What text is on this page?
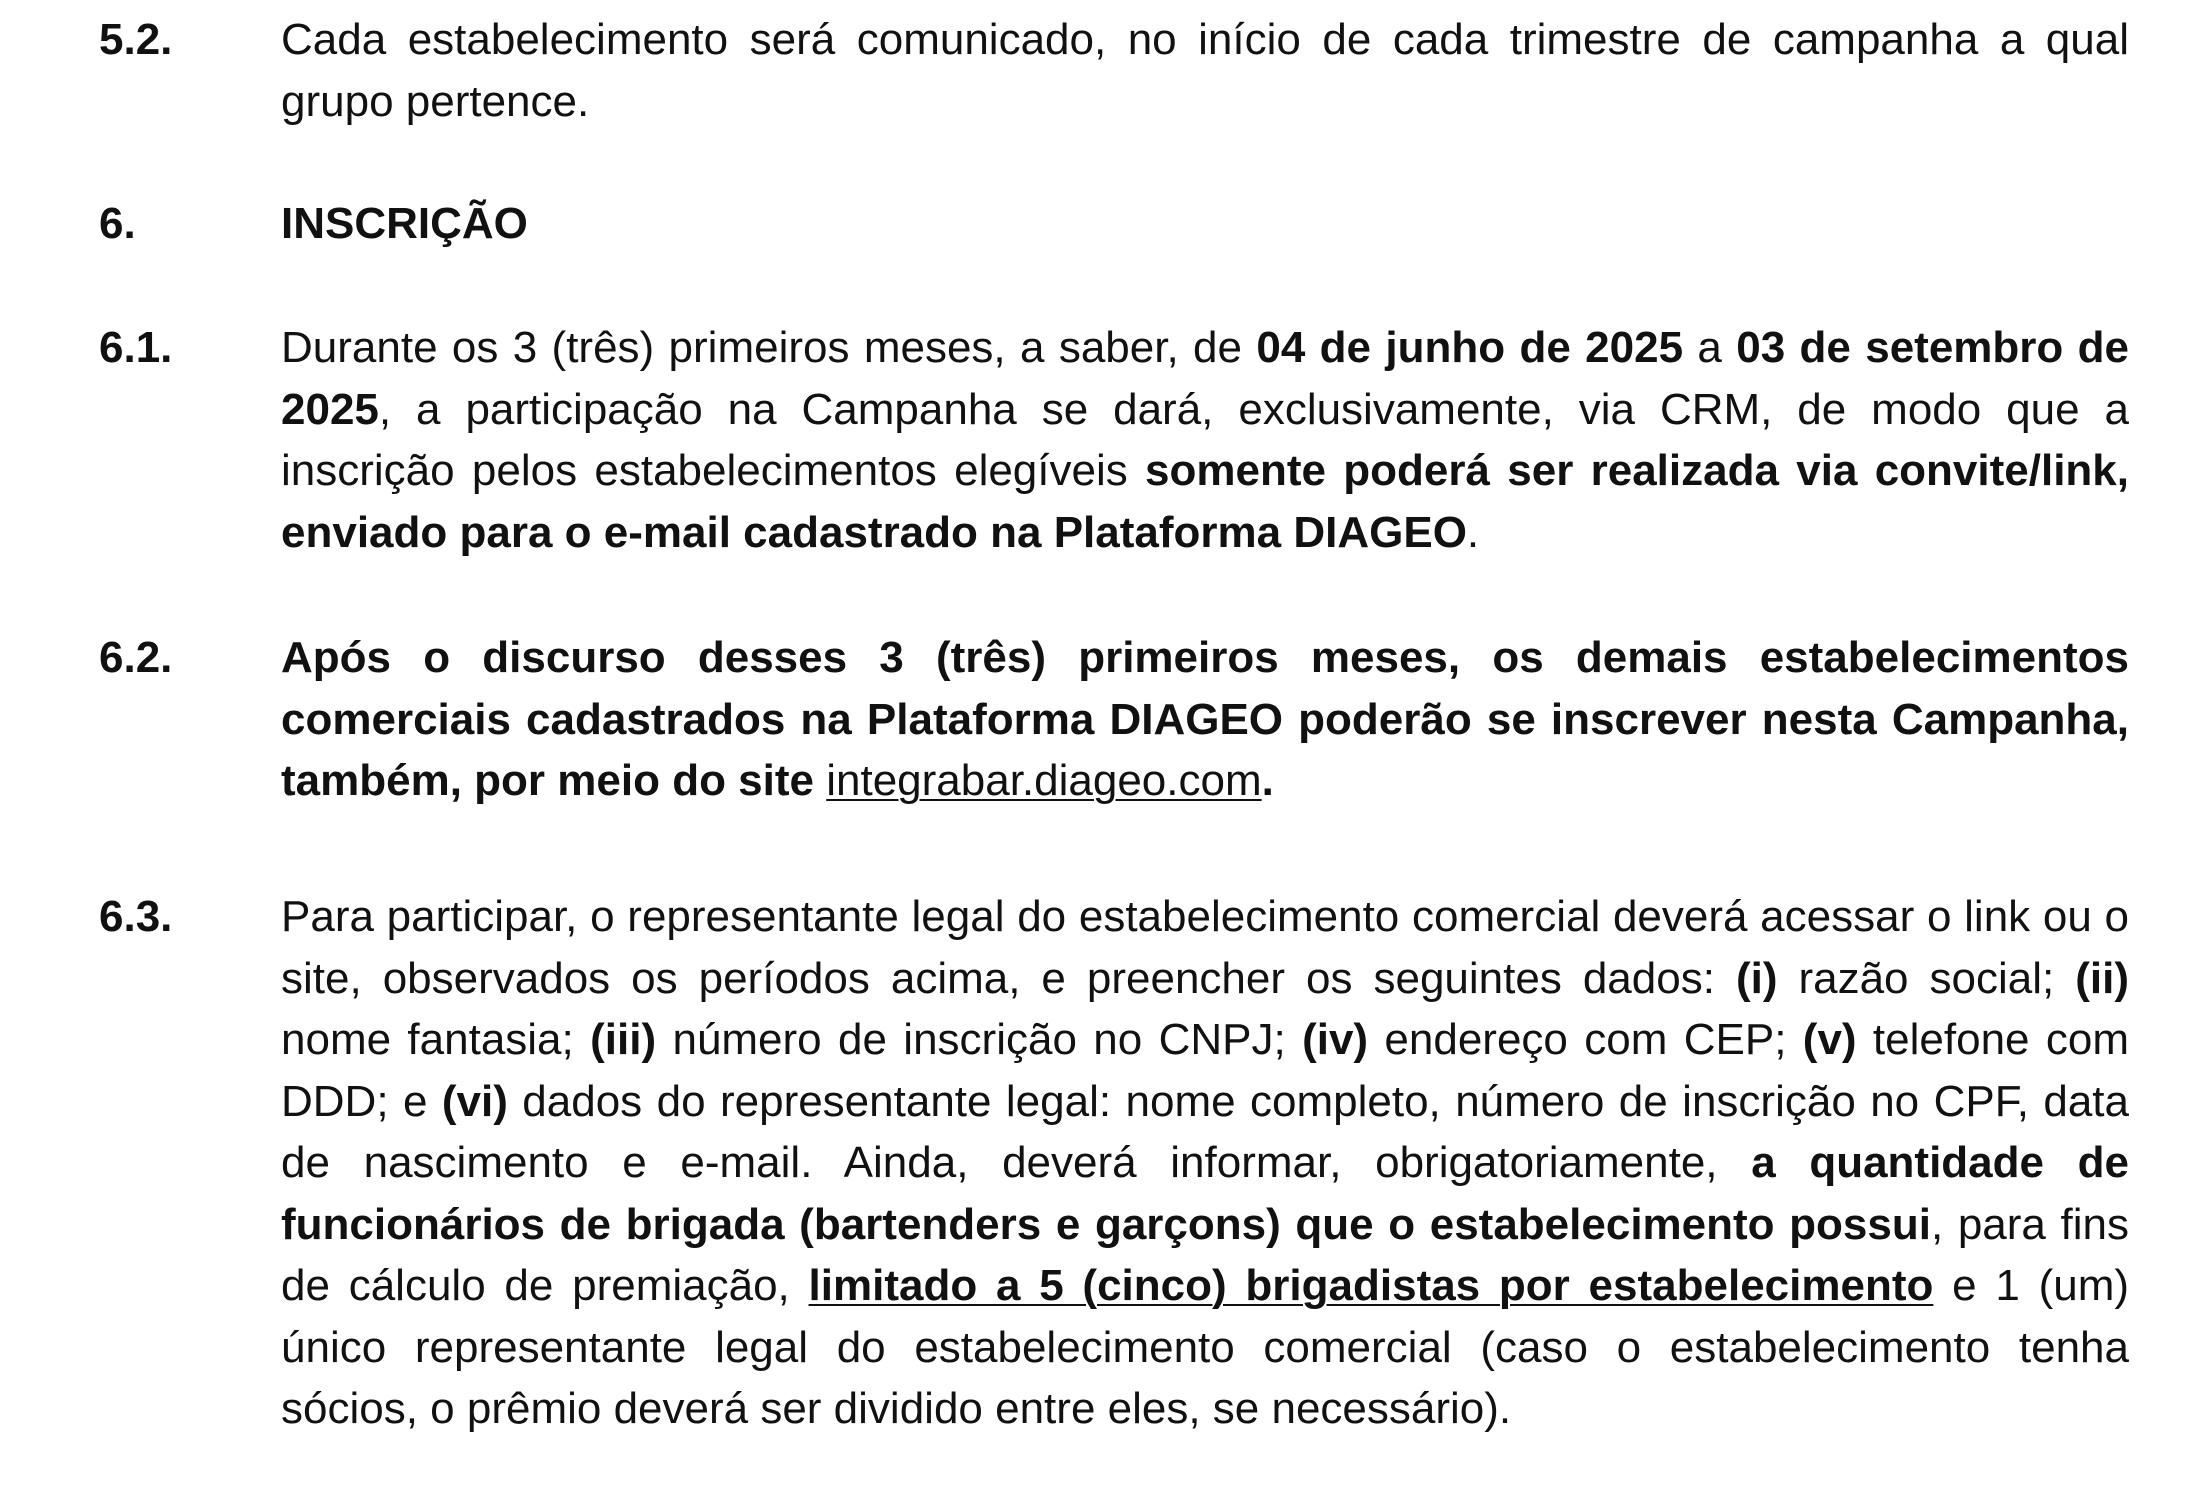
5.2.	Cada estabelecimento será comunicado, no início de cada trimestre de campanha a qual grupo pertence.
6.	INSCRIÇÃO
6.1.	Durante os 3 (três) primeiros meses, a saber, de 04 de junho de 2025 a 03 de setembro de 2025, a participação na Campanha se dará, exclusivamente, via CRM, de modo que a inscrição pelos estabelecimentos elegíveis somente poderá ser realizada via convite/link, enviado para o e-mail cadastrado na Plataforma DIAGEO.
6.2.	Após o discurso desses 3 (três) primeiros meses, os demais estabelecimentos comerciais cadastrados na Plataforma DIAGEO poderão se inscrever nesta Campanha, também, por meio do site integrabar.diageo.com.
6.3.	Para participar, o representante legal do estabelecimento comercial deverá acessar o link ou o site, observados os períodos acima, e preencher os seguintes dados: (i) razão social; (ii) nome fantasia; (iii) número de inscrição no CNPJ; (iv) endereço com CEP; (v) telefone com DDD; e (vi) dados do representante legal: nome completo, número de inscrição no CPF, data de nascimento e e-mail. Ainda, deverá informar, obrigatoriamente, a quantidade de funcionários de brigada (bartenders e garçons) que o estabelecimento possui, para fins de cálculo de premiação, limitado a 5 (cinco) brigadistas por estabelecimento e 1 (um) único representante legal do estabelecimento comercial (caso o estabelecimento tenha sócios, o prêmio deverá ser dividido entre eles, se necessário).
